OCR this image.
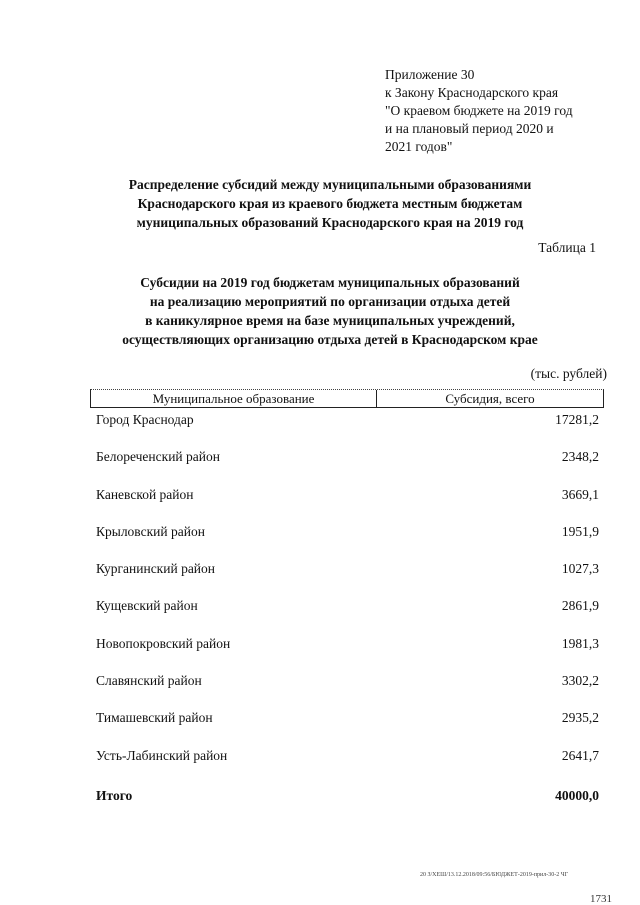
Приложение 30
к Закону Краснодарского края
"О краевом бюджете на 2019 год
и на плановый период 2020 и
2021 годов"
Распределение субсидий между муниципальными образованиями
Краснодарского края из краевого бюджета местным бюджетам
муниципальных образований Краснодарского края на 2019 год
Таблица 1
Субсидии на 2019 год бюджетам муниципальных образований
на реализацию мероприятий по организации отдыха детей
в каникулярное время на базе муниципальных учреждений,
осуществляющих организацию отдыха детей в Краснодарском крае
(тыс. рублей)
Муниципальное образование	Субсидия, всего
Город Краснодар	17281,2
Белореченский район	2348,2
Каневской район	3669,1
Крыловский район	1951,9
Курганинский район	1027,3
Кущевский район	2861,9
Новопокровский район	1981,3
Славянский район	3302,2
Тимашевский район	2935,2
Усть-Лабинский район	2641,7
Итого	40000,0
20 З/ХЕШ/13.12.2018/09:56/БЮДЖЕТ-2019-прил-30-2 ЧГ
1731
